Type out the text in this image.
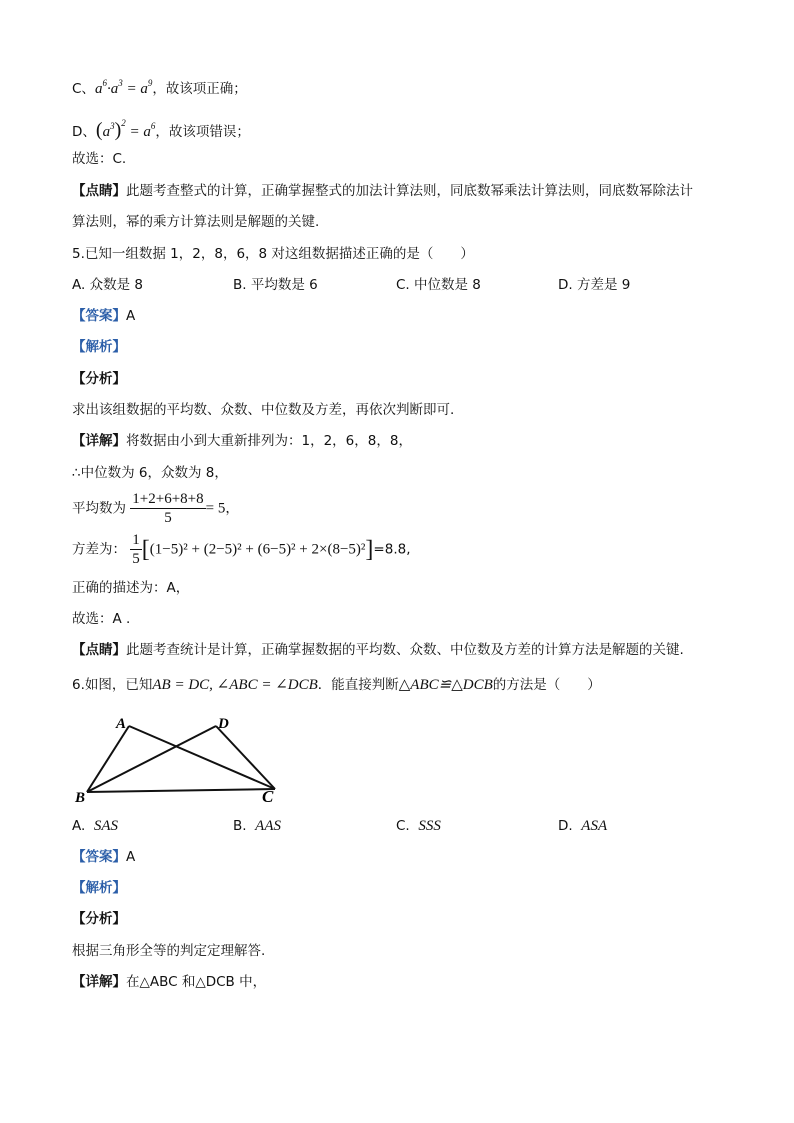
C、$a^6\cdot a^3 = a^9$，故该项正确；
D、$(a^3)^2 = a^6$，故该项错误；
故选：C.
【点睛】此题考查整式的计算，正确掌握整式的加法计算法则，同底数幂乘法计算法则，同底数幂除法计
算法则，幂的乘方计算法则是解题的关键.
5.已知一组数据 1，2，8，6，8 对这组数据描述正确的是（　　）
A. 众数是 8	B. 平均数是 6	C. 中位数是 8	D. 方差是 9
【答案】A
【解析】
【分析】
求出该组数据的平均数、众数、中位数及方差，再依次判断即可.
【详解】将数据由小到大重新排列为：1，2，6，8，8，
∴中位数为 6，众数为 8，
平均数为 $\frac{1+2+6+8+8}{5} = 5$，
方差为： $\frac{1}{5} [(1-5)^2 + (2-5)^2 + (6-5)^2 + 2\times(8-5)^2]=8.8$,
正确的描述为：A，
故选：A .
【点睛】此题考查统计是计算，正确掌握数据的平均数、众数、中位数及方差的计算方法是解题的关键.
6.如图，已知AB = DC, ∠ABC = ∠DCB．能直接判断△ABC≌△DCB的方法是（　　）
A	D
B	C
A. SAS	B. AAS	C. SSS	D. ASA
【答案】A
【解析】
【分析】
根据三角形全等的判定定理解答.
【详解】在△ABC 和△DCB 中，
